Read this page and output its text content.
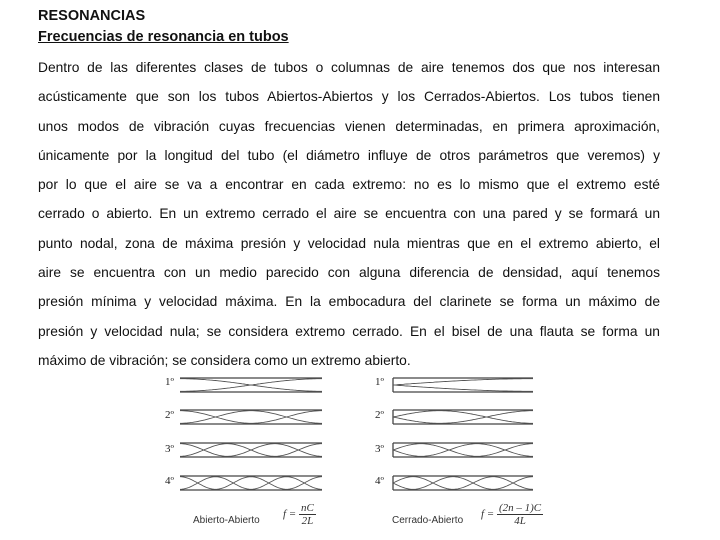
RESONANCIAS
Frecuencias de resonancia en tubos
Dentro de las diferentes clases de tubos o columnas de aire tenemos dos que nos interesan
acústicamente que son los tubos Abiertos-Abiertos y los Cerrados-Abiertos. Los tubos tienen
unos modos de vibración cuyas frecuencias vienen determinadas, en primera aproximación,
únicamente por la longitud del tubo (el diámetro influye de otros parámetros que veremos) y
por lo que el aire se va a encontrar en cada extremo: no es lo mismo que el extremo esté
cerrado o abierto. En un extremo cerrado el aire se encuentra con una pared y se formará un
punto nodal, zona de máxima presión y velocidad nula mientras que en el extremo abierto, el
aire se encuentra con un medio parecido con alguna diferencia de densidad, aquí tenemos
presión mínima y velocidad máxima. En la embocadura del clarinete se forma un máximo de
presión y velocidad nula; se considera extremo cerrado. En el bisel de una flauta se forma un
máximo de vibración; se considera como un extremo abierto.
1º
2º
3º
4º
1º
2º
3º
4º
Abierto-Abierto	Cerrado-Abierto
$f = \frac{nC}{2L}$	$f = \frac{(2n - 1)C}{4L}$
